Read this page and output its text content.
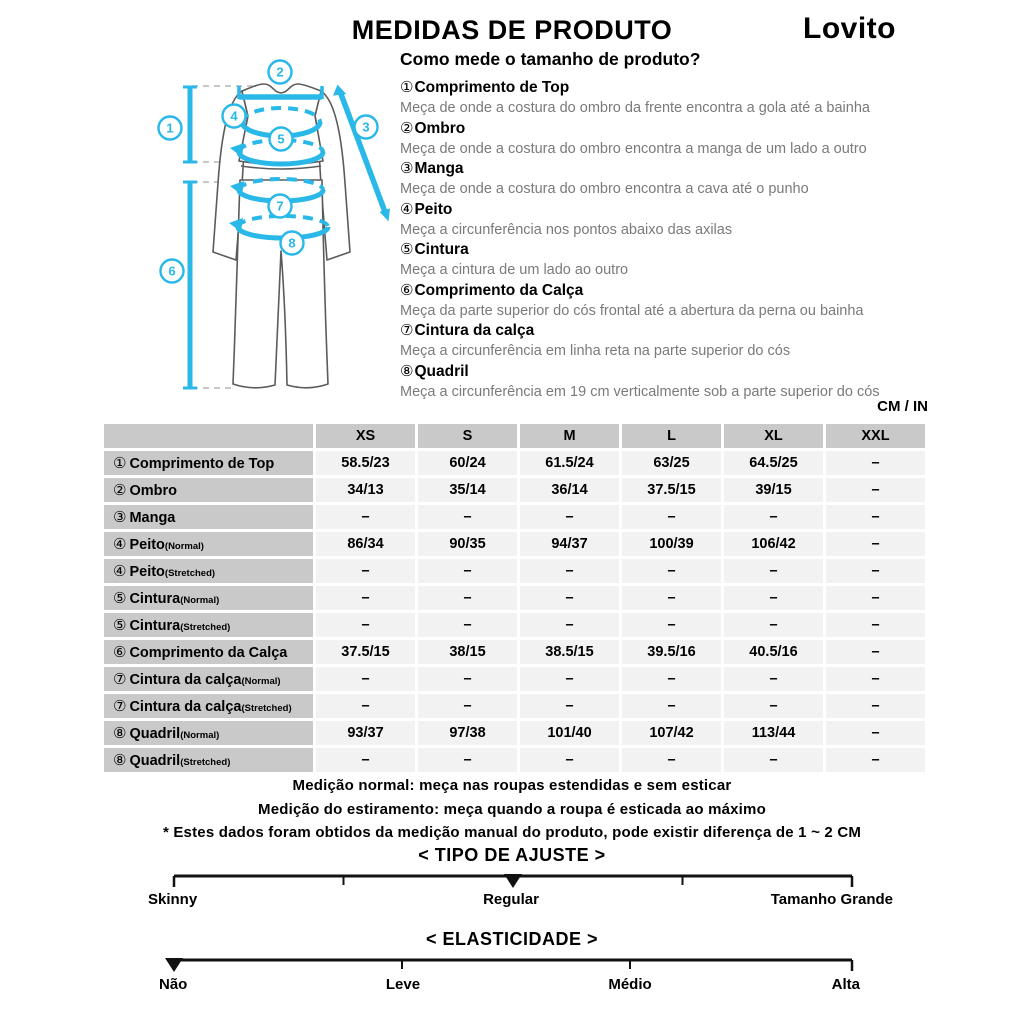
MEDIDAS DE PRODUTO	Lovito
Como mede o tamanho de produto?
1
2
3
4
5
6
7
8
①Comprimento de Top
Meça de onde a costura do ombro da frente encontra a gola até a bainha
②Ombro
Meça de onde a costura do ombro encontra a manga de um lado a outro
③Manga
Meça de onde a costura do ombro encontra a cava até o punho
④Peito
Meça a circunferência nos pontos abaixo das axilas
⑤Cintura
Meça a cintura de um lado ao outro
⑥Comprimento da Calça
Meça da parte superior do cós frontal até a abertura da perna ou bainha
⑦Cintura da calça
Meça a circunferência em linha reta na parte superior do cós
⑧Quadril
Meça a circunferência em 19 cm verticalmente sob a parte superior do cós
CM / IN
	XS	S	M	L	XL	XXL
① Comprimento de Top	58.5/23	60/24	61.5/24	63/25	64.5/25	–
② Ombro	34/13	35/14	36/14	37.5/15	39/15	–
③ Manga	–	–	–	–	–	–
④ Peito(Normal)	86/34	90/35	94/37	100/39	106/42	–
④ Peito(Stretched)	–	–	–	–	–	–
⑤ Cintura(Normal)	–	–	–	–	–	–
⑤ Cintura(Stretched)	–	–	–	–	–	–
⑥ Comprimento da Calça	37.5/15	38/15	38.5/15	39.5/16	40.5/16	–
⑦ Cintura da calça(Normal)	–	–	–	–	–	–
⑦ Cintura da calça(Stretched)	–	–	–	–	–	–
⑧ Quadril(Normal)	93/37	97/38	101/40	107/42	113/44	–
⑧ Quadril(Stretched)	–	–	–	–	–	–
Medição normal: meça nas roupas estendidas e sem esticar
Medição do estiramento: meça quando a roupa é esticada ao máximo
* Estes dados foram obtidos da medição manual do produto, pode existir diferença de 1 ~ 2 CM
< TIPO DE AJUSTE >
Skinny	Regular	Tamanho Grande
< ELASTICIDADE >
Não	Leve	Médio	Alta
